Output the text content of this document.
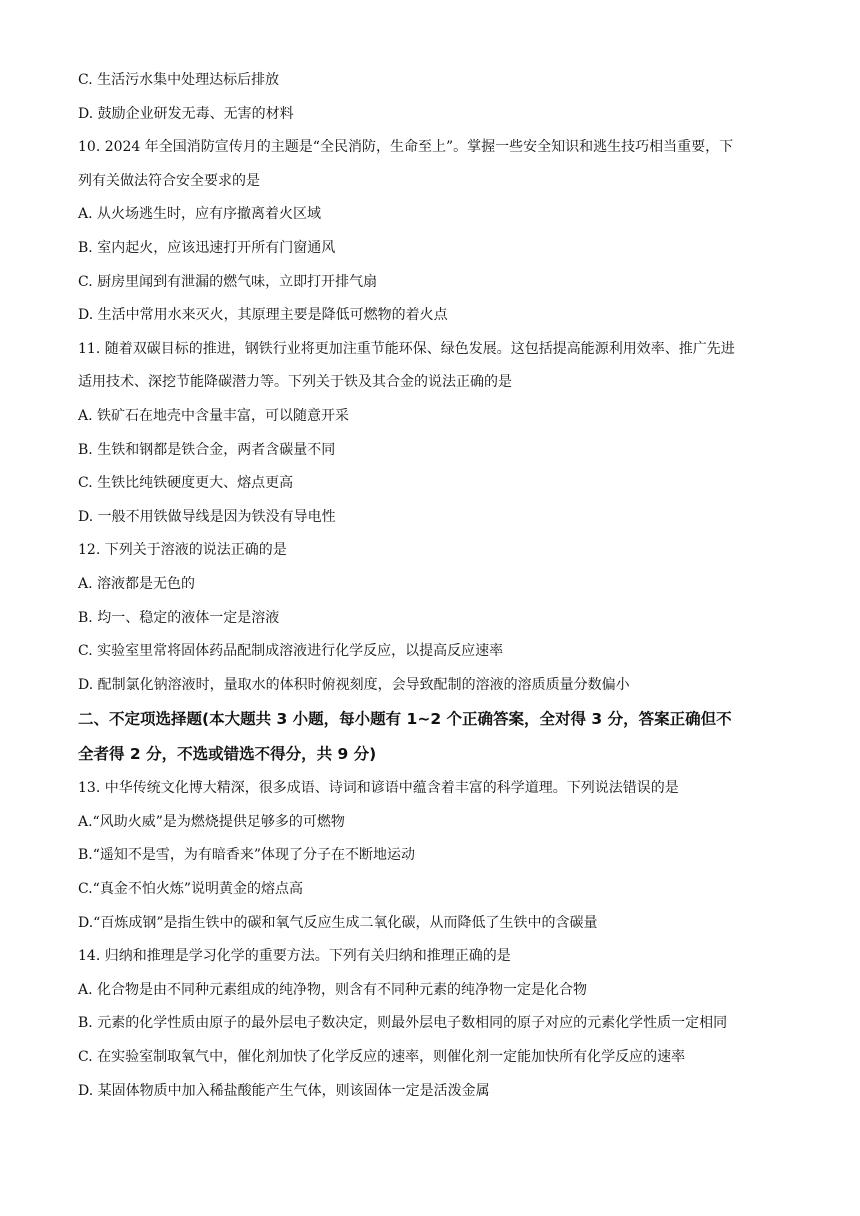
C. 生活污水集中处理达标后排放
D. 鼓励企业研发无毒、无害的材料
10. 2024 年全国消防宣传月的主题是“全民消防，生命至上”。掌握一些安全知识和逃生技巧相当重要，下
列有关做法符合安全要求的是
A. 从火场逃生时，应有序撤离着火区域
B. 室内起火，应该迅速打开所有门窗通风
C. 厨房里闻到有泄漏的燃气味，立即打开排气扇
D. 生活中常用水来灭火，其原理主要是降低可燃物的着火点
11. 随着双碳目标的推进，钢铁行业将更加注重节能环保、绿色发展。这包括提高能源利用效率、推广先进
适用技术、深挖节能降碳潜力等。下列关于铁及其合金的说法正确的是
A. 铁矿石在地壳中含量丰富，可以随意开采
B. 生铁和钢都是铁合金，两者含碳量不同
C. 生铁比纯铁硬度更大、熔点更高
D. 一般不用铁做导线是因为铁没有导电性
12. 下列关于溶液的说法正确的是
A. 溶液都是无色的
B. 均一、稳定的液体一定是溶液
C. 实验室里常将固体药品配制成溶液进行化学反应，以提高反应速率
D. 配制氯化钠溶液时，量取水的体积时俯视刻度，会导致配制的溶液的溶质质量分数偏小
二、不定项选择题(本大题共 3 小题，每小题有 1~2 个正确答案，全对得 3 分，答案正确但不
全者得 2 分，不选或错选不得分，共 9 分)
13. 中华传统文化博大精深，很多成语、诗词和谚语中蕴含着丰富的科学道理。下列说法错误的是
A.“风助火威”是为燃烧提供足够多的可燃物
B.“遥知不是雪，为有暗香来”体现了分子在不断地运动
C.“真金不怕火炼”说明黄金的熔点高
D.“百炼成钢”是指生铁中的碳和氧气反应生成二氧化碳，从而降低了生铁中的含碳量
14. 归纳和推理是学习化学的重要方法。下列有关归纳和推理正确的是
A. 化合物是由不同种元素组成的纯净物，则含有不同种元素的纯净物一定是化合物
B. 元素的化学性质由原子的最外层电子数决定，则最外层电子数相同的原子对应的元素化学性质一定相同
C. 在实验室制取氧气中，催化剂加快了化学反应的速率，则催化剂一定能加快所有化学反应的速率
D. 某固体物质中加入稀盐酸能产生气体，则该固体一定是活泼金属
